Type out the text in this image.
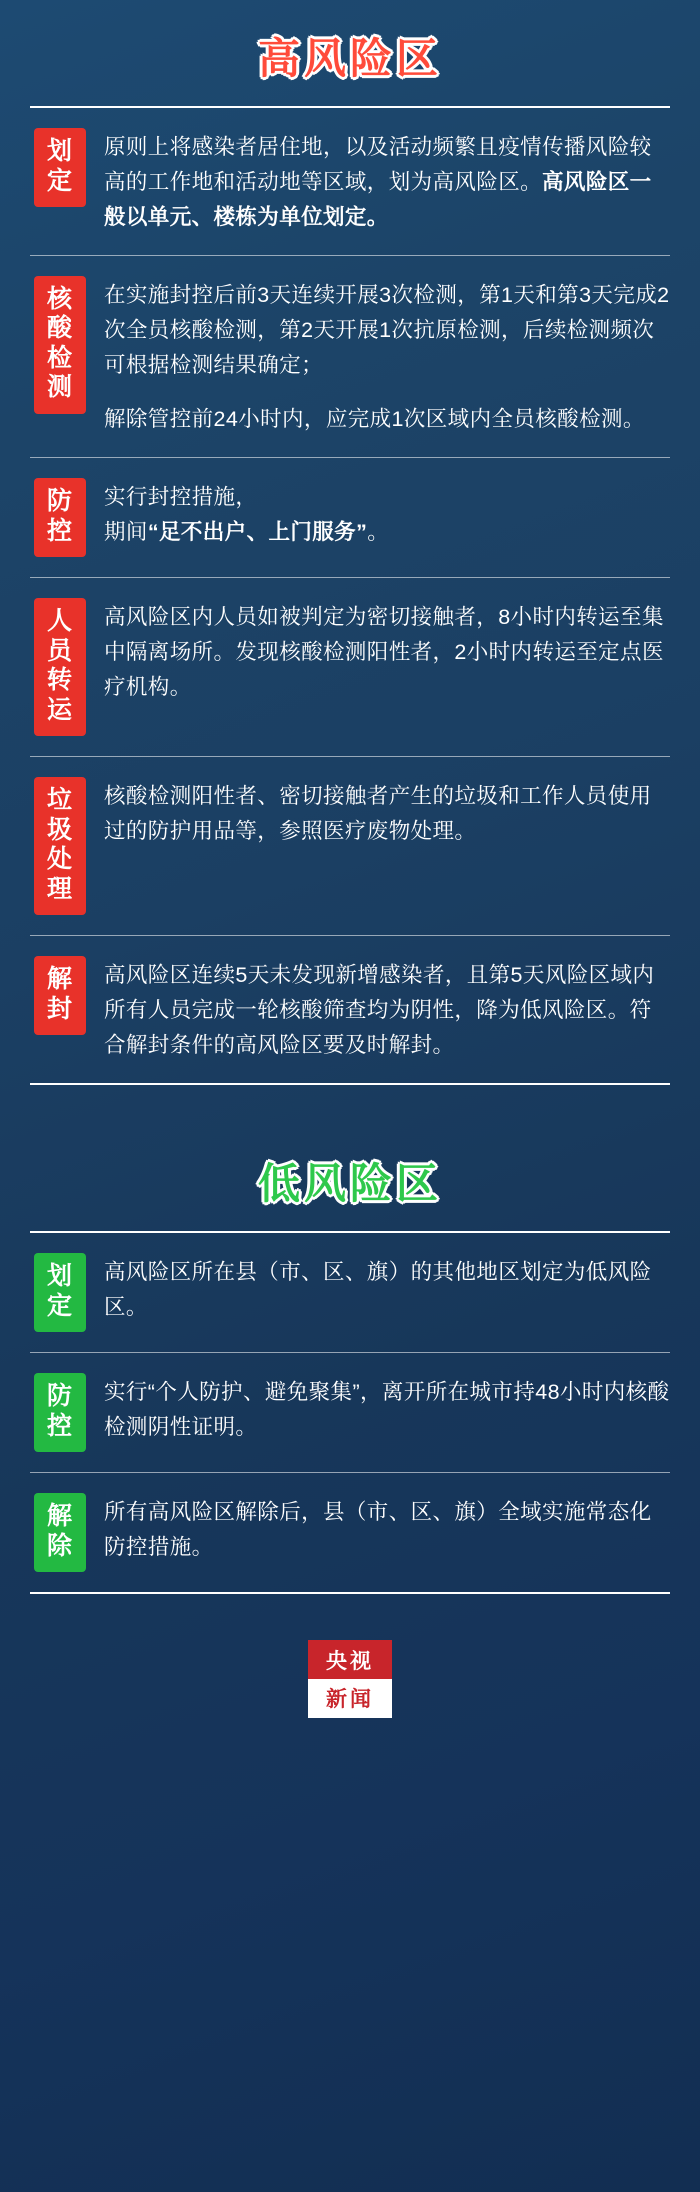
高风险区
划
定

原则上将感染者居住地，以及活动频繁且疫情传播风险较高的工作地和活动地等区域，划为高风险区。高风险区一般以单元、楼栋为单位划定。

核
酸
检
测

在实施封控后前3天连续开展3次检测，第1天和第3天完成2次全员核酸检测，第2天开展1次抗原检测，后续检测频次可根据检测结果确定；

解除管控前24小时内，应完成1次区域内全员核酸检测。

防
控

实行封控措施，
期间“足不出户、上门服务”。

人
员
转
运

高风险区内人员如被判定为密切接触者，8小时内转运至集中隔离场所。发现核酸检测阳性者，2小时内转运至定点医疗机构。

垃
圾
处
理

核酸检测阳性者、密切接触者产生的垃圾和工作人员使用过的防护用品等，参照医疗废物处理。

解
封

高风险区连续5天未发现新增感染者，且第5天风险区域内所有人员完成一轮核酸筛查均为阴性，降为低风险区。符合解封条件的高风险区要及时解封。

低风险区
划
定

高风险区所在县（市、区、旗）的其他地区划定为低风险区。

防
控

实行“个人防护、避免聚集”，离开所在城市持48小时内核酸检测阴性证明。

解
除

所有高风险区解除后，县（市、区、旗）全域实施常态化防控措施。

央视
新闻
